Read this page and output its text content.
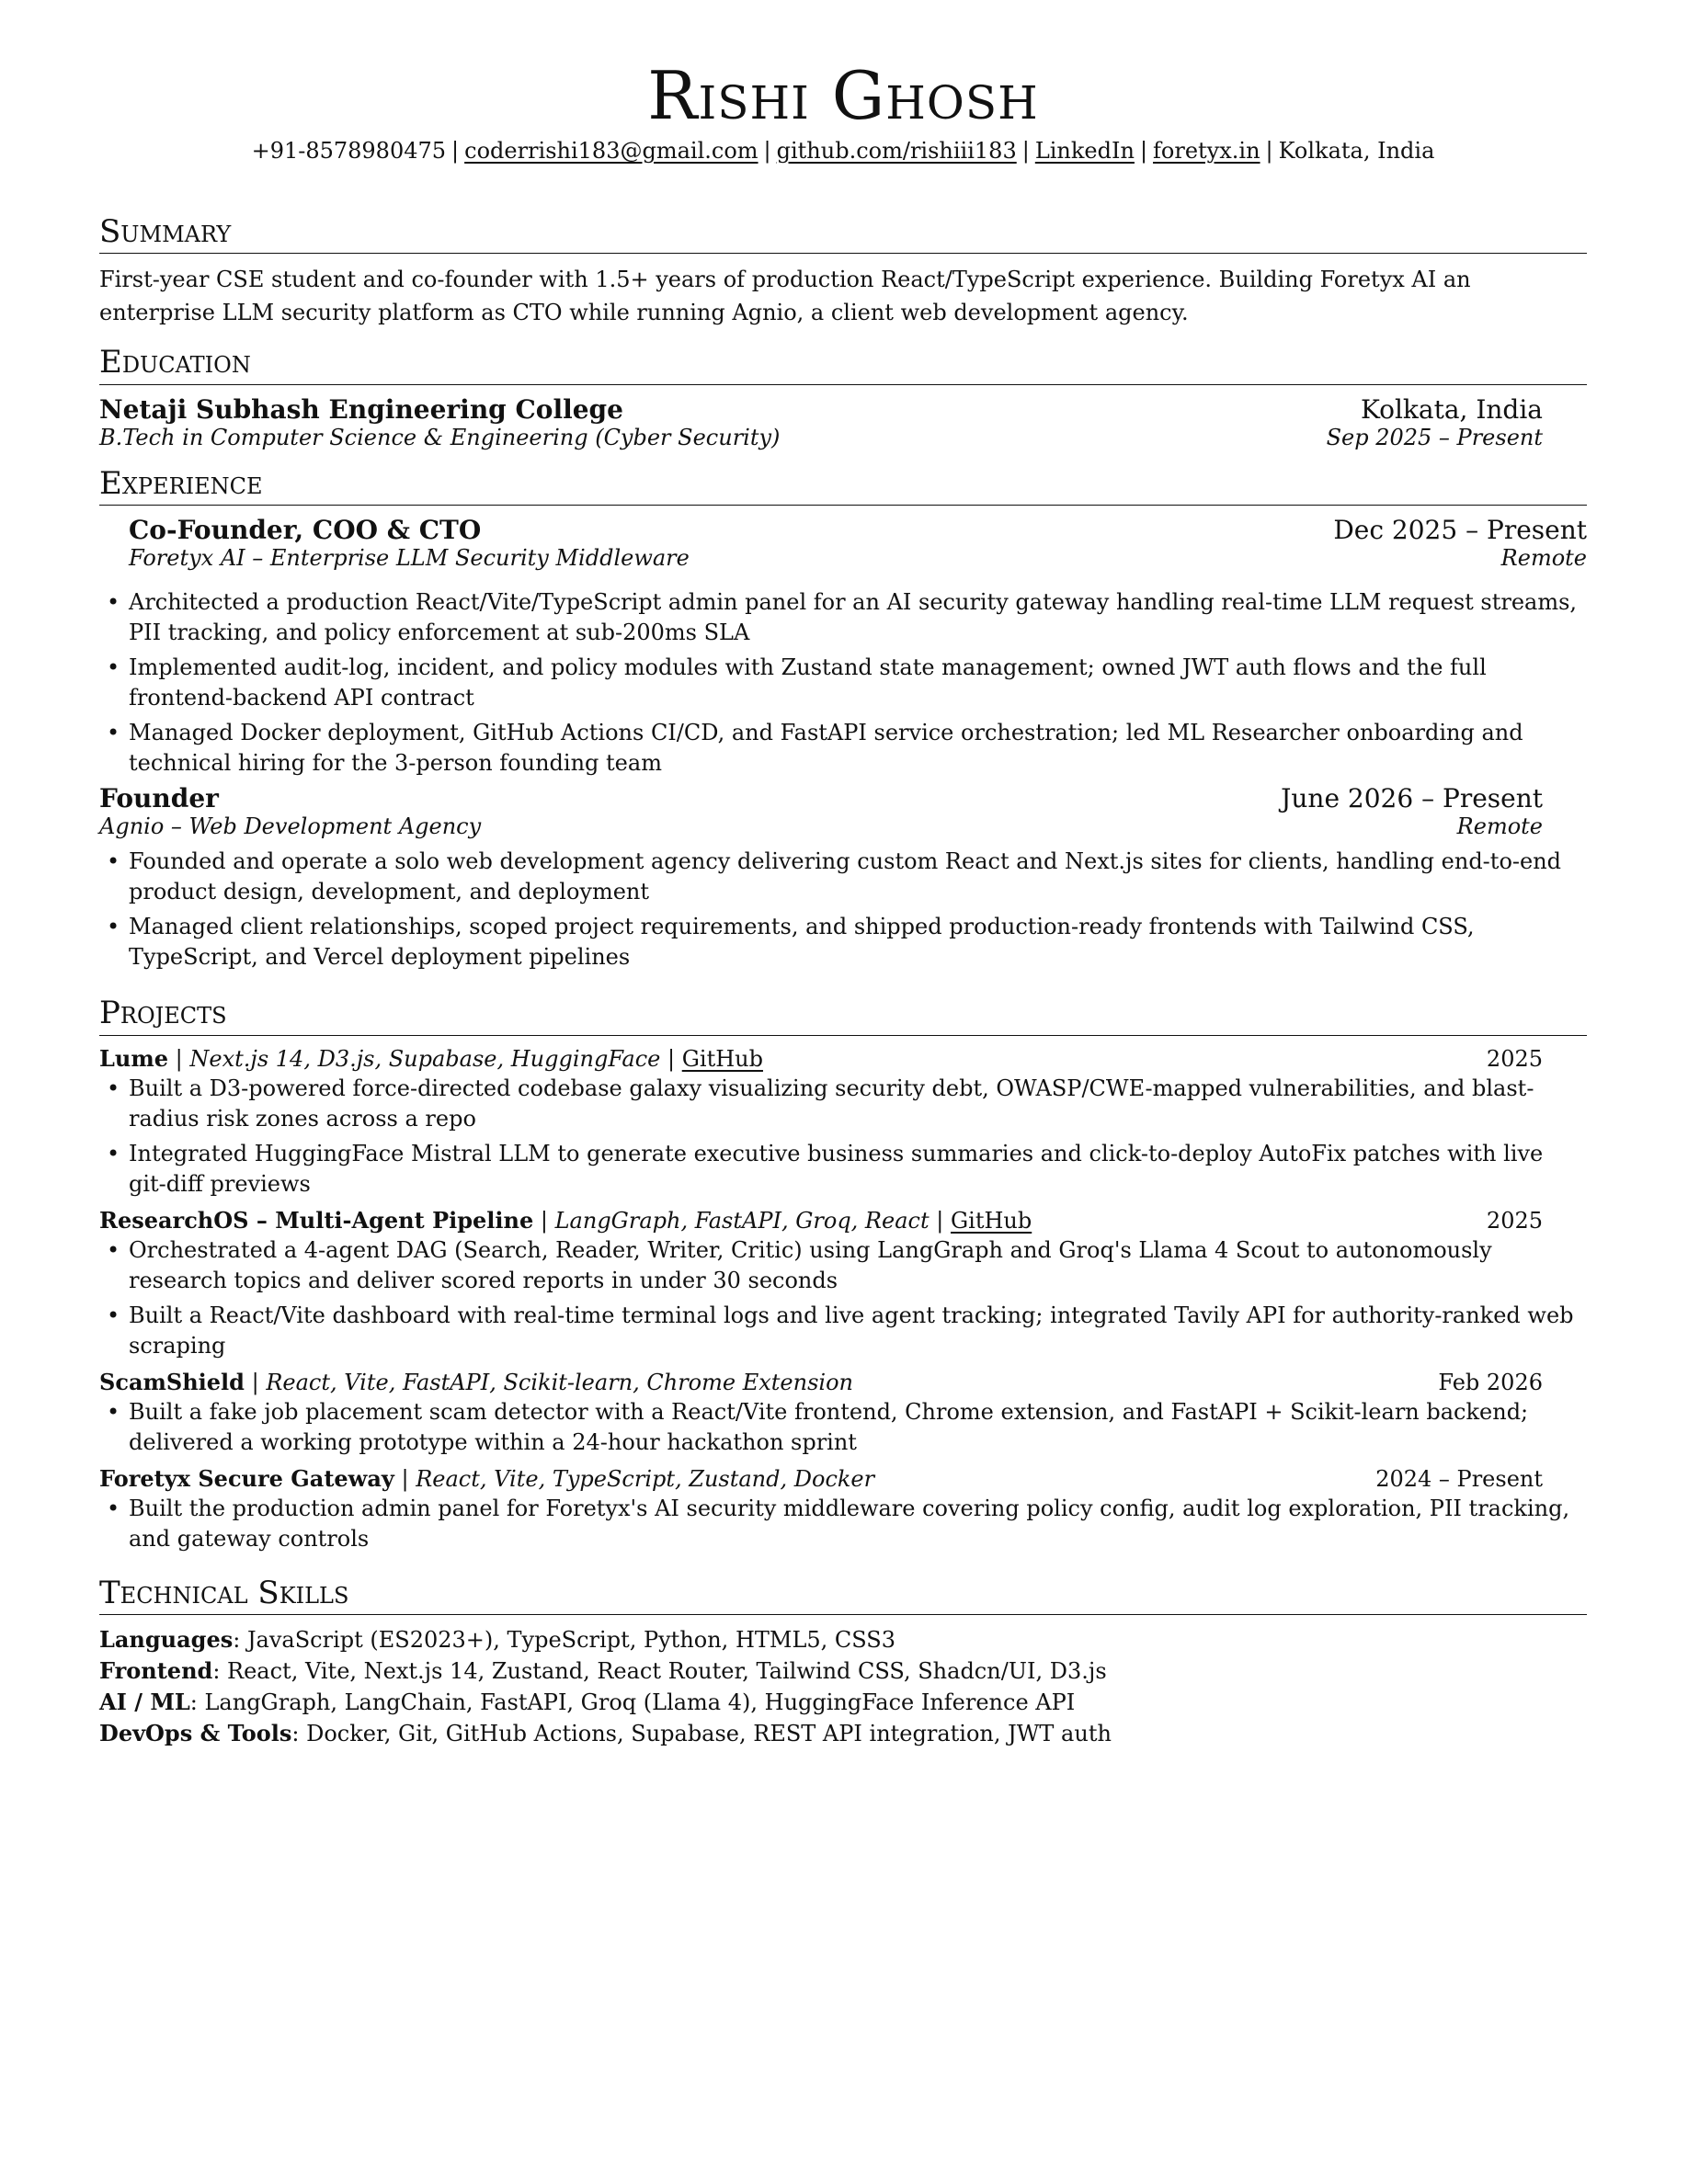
Rishi Ghosh
+91-8578980475 | coderrishi183@gmail.com | github.com/rishiii183 | LinkedIn | foretyx.in | Kolkata, India
Summary

First-year CSE student and co-founder with 1.5+ years of production React/TypeScript experience. Building Foretyx AI an enterprise LLM security platform as CTO while running Agnio, a client web development agency.

Education
Netaji Subhash Engineering College	Kolkata, India
B.Tech in Computer Science & Engineering (Cyber Security)	Sep 2025 – Present
Experience
Co-Founder, COO & CTO	Dec 2025 – Present
Foretyx AI – Enterprise LLM Security Middleware	Remote
• Architected a production React/Vite/TypeScript admin panel for an AI security gateway handling real-time LLM request streams, PII tracking, and policy enforcement at sub-200ms SLA
• Implemented audit-log, incident, and policy modules with Zustand state management; owned JWT auth flows and the full frontend-backend API contract
• Managed Docker deployment, GitHub Actions CI/CD, and FastAPI service orchestration; led ML Researcher onboarding and technical hiring for the 3-person founding team
Founder	June 2026 – Present
Agnio – Web Development Agency	Remote
• Founded and operate a solo web development agency delivering custom React and Next.js sites for clients, handling end-to-end product design, development, and deployment
• Managed client relationships, scoped project requirements, and shipped production-ready frontends with Tailwind CSS, TypeScript, and Vercel deployment pipelines
Projects
Lume | Next.js 14, D3.js, Supabase, HuggingFace | GitHub	2025
• Built a D3-powered force-directed codebase galaxy visualizing security debt, OWASP/CWE-mapped vulnerabilities, and blast-radius risk zones across a repo
• Integrated HuggingFace Mistral LLM to generate executive business summaries and click-to-deploy AutoFix patches with live git-diff previews
ResearchOS – Multi-Agent Pipeline | LangGraph, FastAPI, Groq, React | GitHub	2025
• Orchestrated a 4-agent DAG (Search, Reader, Writer, Critic) using LangGraph and Groq's Llama 4 Scout to autonomously research topics and deliver scored reports in under 30 seconds
• Built a React/Vite dashboard with real-time terminal logs and live agent tracking; integrated Tavily API for authority-ranked web scraping
ScamShield | React, Vite, FastAPI, Scikit-learn, Chrome Extension	Feb 2026
• Built a fake job placement scam detector with a React/Vite frontend, Chrome extension, and FastAPI + Scikit-learn backend; delivered a working prototype within a 24-hour hackathon sprint
Foretyx Secure Gateway | React, Vite, TypeScript, Zustand, Docker	2024 – Present
• Built the production admin panel for Foretyx's AI security middleware covering policy config, audit log exploration, PII tracking, and gateway controls
Technical Skills
Languages: JavaScript (ES2023+), TypeScript, Python, HTML5, CSS3
Frontend: React, Vite, Next.js 14, Zustand, React Router, Tailwind CSS, Shadcn/UI, D3.js
AI / ML: LangGraph, LangChain, FastAPI, Groq (Llama 4), HuggingFace Inference API
DevOps & Tools: Docker, Git, GitHub Actions, Supabase, REST API integration, JWT auth
